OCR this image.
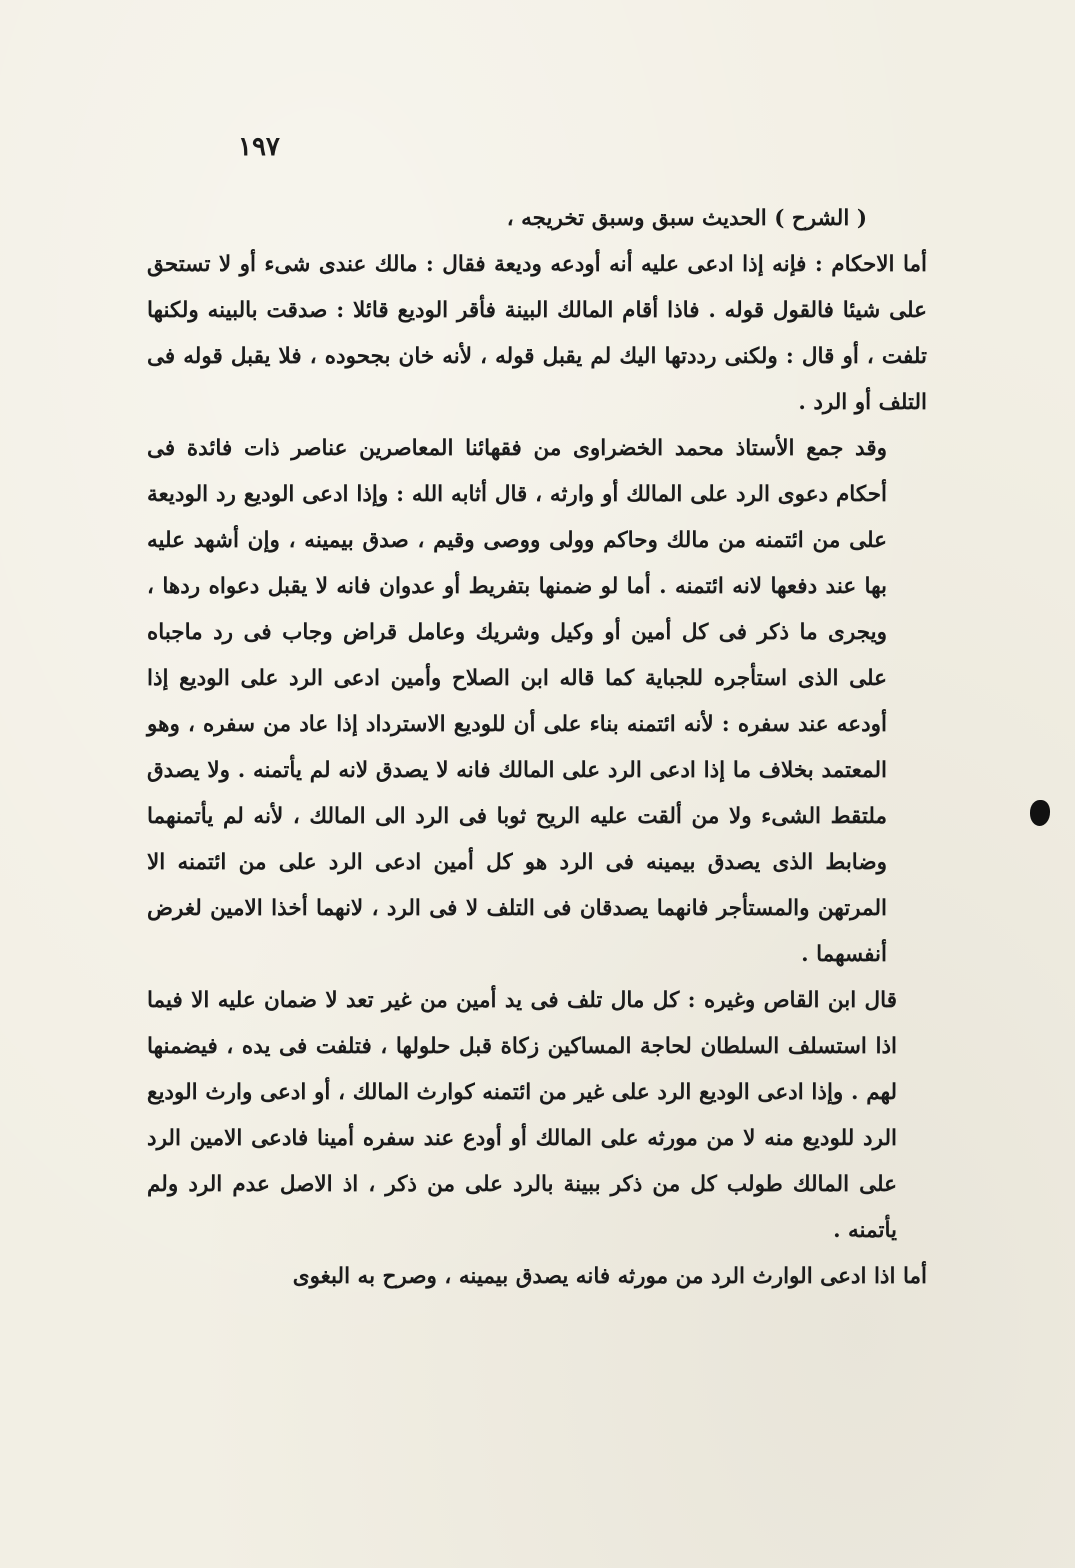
١٩٧

( الشرح ) الحديث سبق وسبق تخريجه ،

أما الاحكام : فإنه إذا ادعى عليه أنه أودعه وديعة فقال : مالك عندى شىء أو لا تستحق على شيئا فالقول قوله . فاذا أقام المالك البينة فأقر الوديع قائلا : صدقت بالبينه ولكنها تلفت ، أو قال : ولكنى رددتها اليك لم يقبل قوله ، لأنه خان بجحوده ، فلا يقبل قوله فى التلف أو الرد .

وقد جمع الأستاذ محمد الخضراوى من فقهائنا المعاصرين عناصر ذات فائدة فى أحكام دعوى الرد على المالك أو وارثه ، قال أثابه الله : وإذا ادعى الوديع رد الوديعة على من ائتمنه من مالك وحاكم وولى ووصى وقيم ، صدق بيمينه ، وإن أشهد عليه بها عند دفعها لانه ائتمنه . أما لو ضمنها بتفريط أو عدوان فانه لا يقبل دعواه ردها ، ويجرى ما ذكر فى كل أمين أو وكيل وشريك وعامل قراض وجاب فى رد ماجباه على الذى استأجره للجباية كما قاله ابن الصلاح وأمين ادعى الرد على الوديع إذا أودعه عند سفره : لأنه ائتمنه بناء على أن للوديع الاسترداد إذا عاد من سفره ، وهو المعتمد بخلاف ما إذا ادعى الرد على المالك فانه لا يصدق لانه لم يأتمنه . ولا يصدق ملتقط الشىء ولا من ألقت عليه الريح ثوبا فى الرد الى المالك ، لأنه لم يأتمنهما وضابط الذى يصدق بيمينه فى الرد هو كل أمين ادعى الرد على من ائتمنه الا المرتهن والمستأجر فانهما يصدقان فى التلف لا فى الرد ، لانهما أخذا الامين لغرض أنفسهما .

قال ابن القاص وغيره : كل مال تلف فى يد أمين من غير تعد لا ضمان عليه الا فيما اذا استسلف السلطان لحاجة المساكين زكاة قبل حلولها ، فتلفت فى يده ، فيضمنها لهم . وإذا ادعى الوديع الرد على غير من ائتمنه كوارث المالك ، أو ادعى وارث الوديع الرد للوديع منه لا من مورثه على المالك أو أودع عند سفره أمينا فادعى الامين الرد على المالك طولب كل من ذكر ببينة بالرد على من ذكر ، اذ الاصل عدم الرد ولم يأتمنه .

أما اذا ادعى الوارث الرد من مورثه فانه يصدق بيمينه ، وصرح به البغوى
